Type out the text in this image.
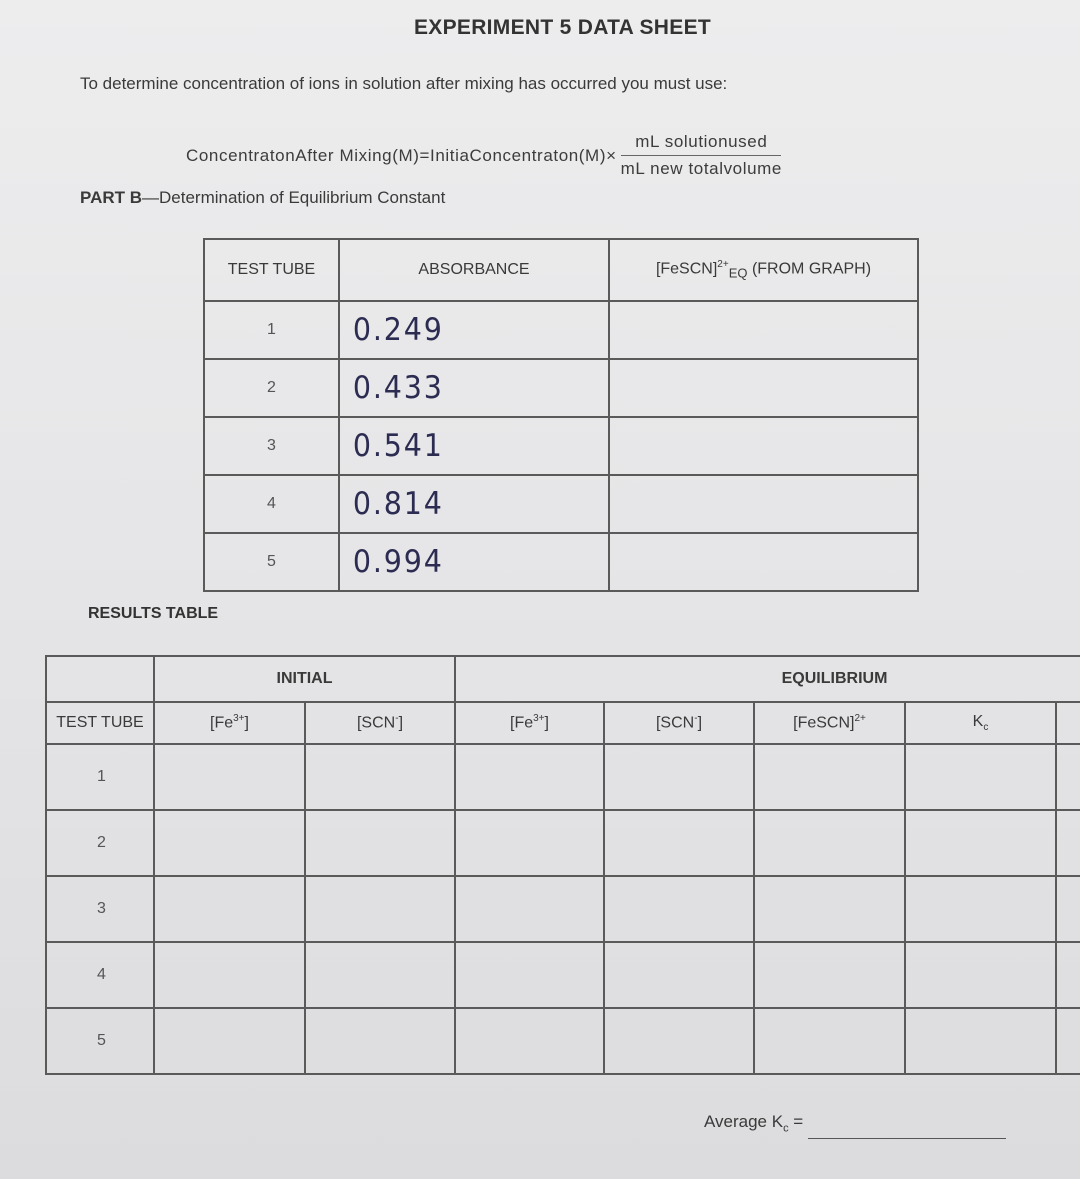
EXPERIMENT 5 DATA SHEET
To determine concentration of ions in solution after mixing has occurred you must use:
ConcentratonAfter Mixing(M)=InitiaConcentraton(M)× $\frac{\text{mL solutionused}}{\text{mL new totalvolume}}$
PART B—Determination of Equilibrium Constant
TEST TUBE	ABSORBANCE	[FeSCN]$^{2+}_{EQ}$ (FROM GRAPH)
1	0.249	
2	0.433	
3	0.541	
4	0.814	
5	0.994	
RESULTS TABLE
	INITIAL		EQUILIBRIUM				
TEST TUBE	$[Fe^{3+}]$	[SCN-]	$[Fe^{3+}]$	[SCN-]	[FeSCN]$^{2+}$	$K_c$
1							
2							
3							
4							
5							
Average $K_c$ =
